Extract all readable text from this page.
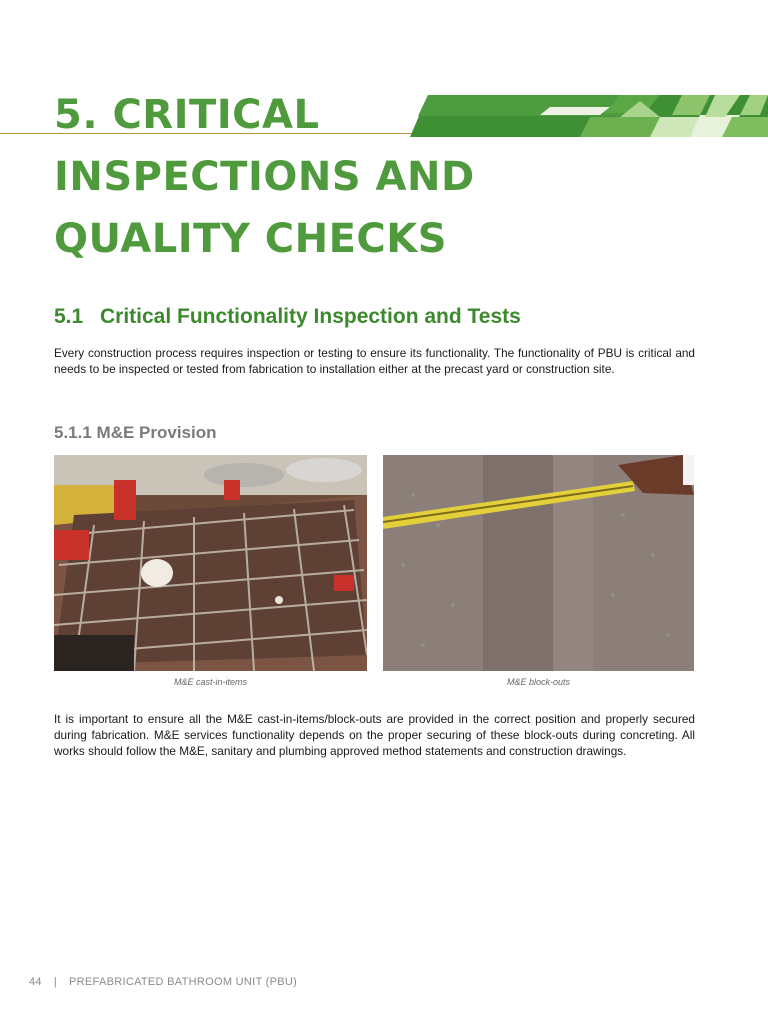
5. CRITICAL
INSPECTIONS AND
QUALITY CHECKS
5.1 Critical Functionality Inspection and Tests

Every construction process requires inspection or testing to ensure its functionality. The functionality of PBU is critical and needs to be inspected or tested from fabrication to installation either at the precast yard or construction site.

5.1.1 M&E Provision
M&E cast-in-items	M&E block-outs

It is important to ensure all the M&E cast-in-items/block-outs are provided in the correct position and properly secured during fabrication. M&E services functionality depends on the proper securing of these block-outs during concreting. All works should follow the M&E, sanitary and plumbing approved method statements and construction drawings.

44 | PREFABRICATED BATHROOM UNIT (PBU)
